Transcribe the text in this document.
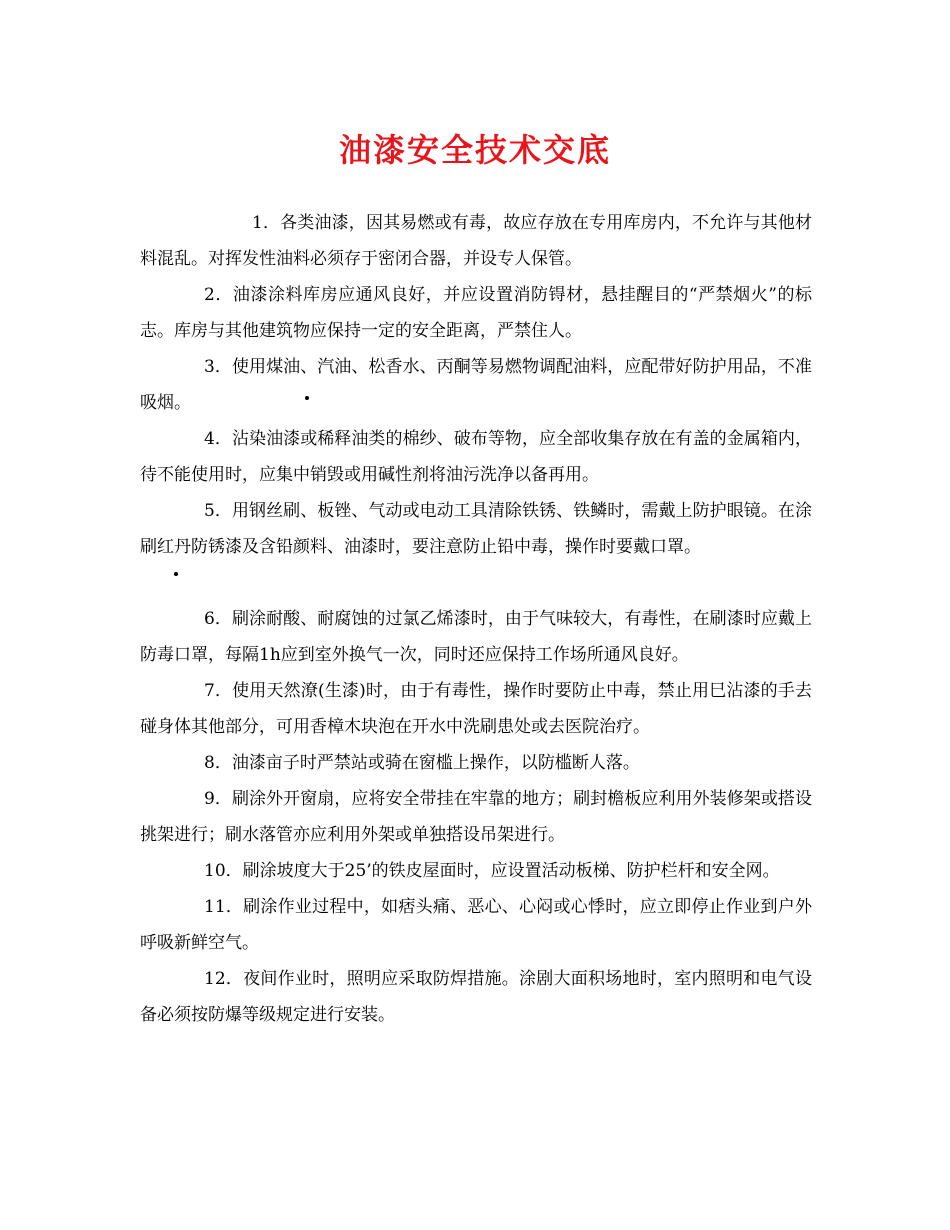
油漆安全技术交底

1．各类油漆，因其易燃或有毒，故应存放在专用库房内，不允许与其他材料混乱。对挥发性油料必须存于密闭合器，并设专人保管。

2．油漆涂料库房应通风良好，并应设置消防锝材，悬挂醒目的“严禁烟火”的标志。库房与其他建筑物应保持一定的安全距离，严禁住人。

3．使用煤油、汽油、松香水、丙酮等易燃物调配油料，应配带好防护用品，不准吸烟。

4．沾染油漆或稀释油类的棉纱、破布等物，应全部收集存放在有盖的金属箱内，待不能使用时，应集中销毁或用碱性剂将油污洗净以备再用。

5．用钢丝刷、板锉、气动或电动工具清除铁锈、铁鳞时，需戴上防护眼镜。在涂刷红丹防锈漆及含铅颜料、油漆时，要注意防止铅中毒，操作时要戴口罩。

6．刷涂耐酸、耐腐蚀的过氯乙烯漆时，由于气味较大，有毒性，在刷漆时应戴上防毒口罩，每隔1h应到室外换气一次，同时还应保持工作场所通风良好。

7．使用天然潦(生漆)时，由于有毒性，操作时要防止中毒，禁止用巳沾漆的手去碰身体其他部分，可用香樟木块泡在开水中洗刷患处或去医院治疗。

8．油漆亩子时严禁站或骑在窗槛上操作，以防槛断人落。

9．刷涂外开窗扇，应将安全带挂在牢靠的地方；刷封檐板应利用外装修架或搭设挑架进行；刷水落管亦应利用外架或单独搭设吊架进行。

10．刷涂坡度大于25’的铁皮屋面时，应设置活动板梯、防护栏杆和安全网。

11．刷涂作业过程中，如痞头痛、恶心、心闷或心悸时，应立即停止作业到户外呼吸新鲜空气。

12．夜间作业时，照明应采取防焊措施。涂剧大面积场地时，室内照明和电气设备必须按防爆等级规定进行安装。
